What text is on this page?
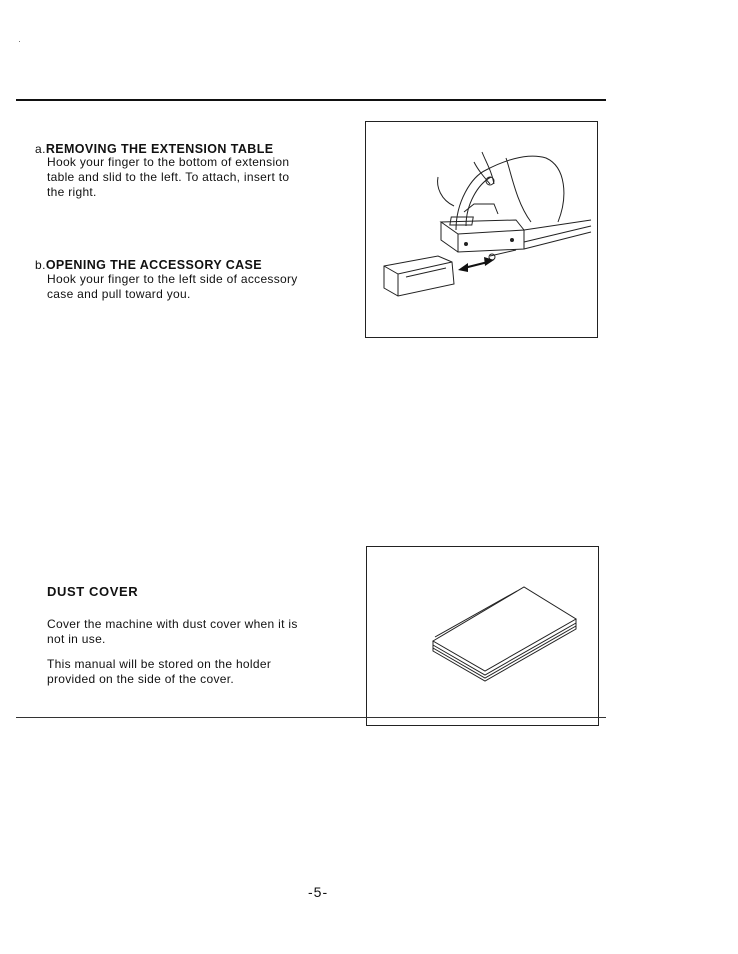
a.REMOVING THE EXTENSION TABLE
Hook your finger to the bottom of extension
table and slid to the left. To attach, insert to
the right.
b.OPENING THE ACCESSORY CASE
Hook your finger to the left side of accessory
case and pull toward you.
DUST COVER
Cover the machine with dust cover when it is
not in use.
This manual will be stored on the holder
provided on the side of the cover.
-5-
